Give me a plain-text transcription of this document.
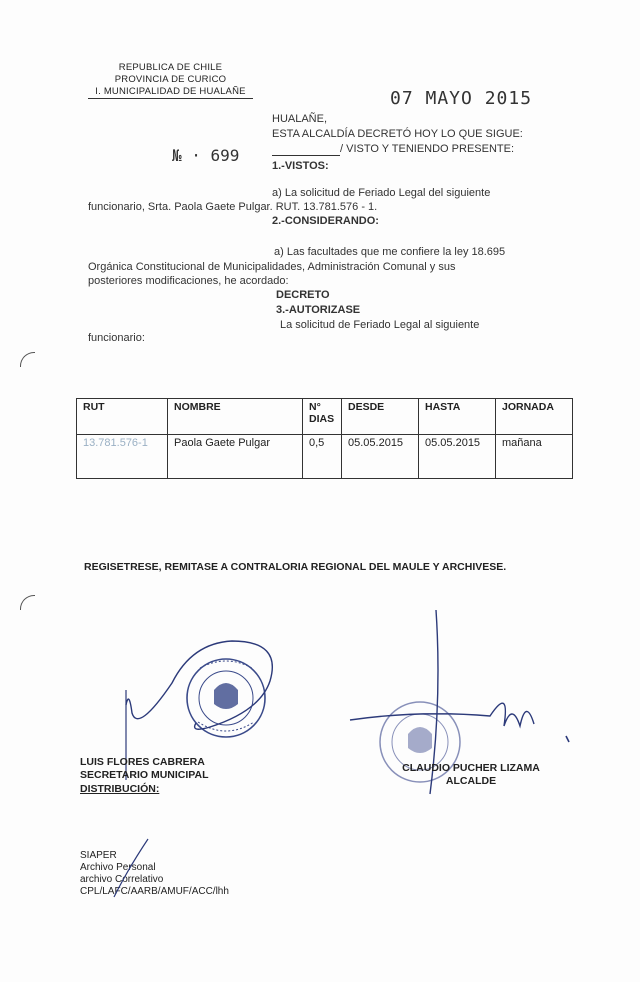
REPUBLICA DE CHILE
PROVINCIA DE CURICO
I. MUNICIPALIDAD DE HUALAÑE	07 MAYO 2015
HUALAÑE,
ESTA ALCALDÍA DECRETÓ HOY LO QUE SIGUE:
№ · 699	/ VISTO Y TENIENDO PRESENTE:
1.-VISTOS:
a) La solicitud de Feriado Legal del siguiente
funcionario, Srta. Paola Gaete Pulgar. RUT. 13.781.576 - 1.
2.-CONSIDERANDO:
a) Las facultades que me confiere la ley 18.695
Orgánica Constitucional de Municipalidades, Administración Comunal y sus
posteriores modificaciones, he acordado:
DECRETO
3.-AUTORIZASE
La solicitud de Feriado Legal al siguiente
funcionario:
RUT	NOMBRE	N° DIAS	DESDE	HASTA	JORNADA
13.781.576-1	Paola Gaete Pulgar	0,5	05.05.2015	05.05.2015	mañana
REGISETRESE, REMITASE A CONTRALORIA REGIONAL DEL MAULE Y ARCHIVESE.
LUIS FLORES CABRERA
SECRETARIO MUNICIPAL
CLAUDIO PUCHER LIZAMA
ALCALDE
DISTRIBUCIÓN:
SIAPER
Archivo Personal
archivo Correlativo
CPL/LAFC/AARB/AMUF/ACC/lhh
